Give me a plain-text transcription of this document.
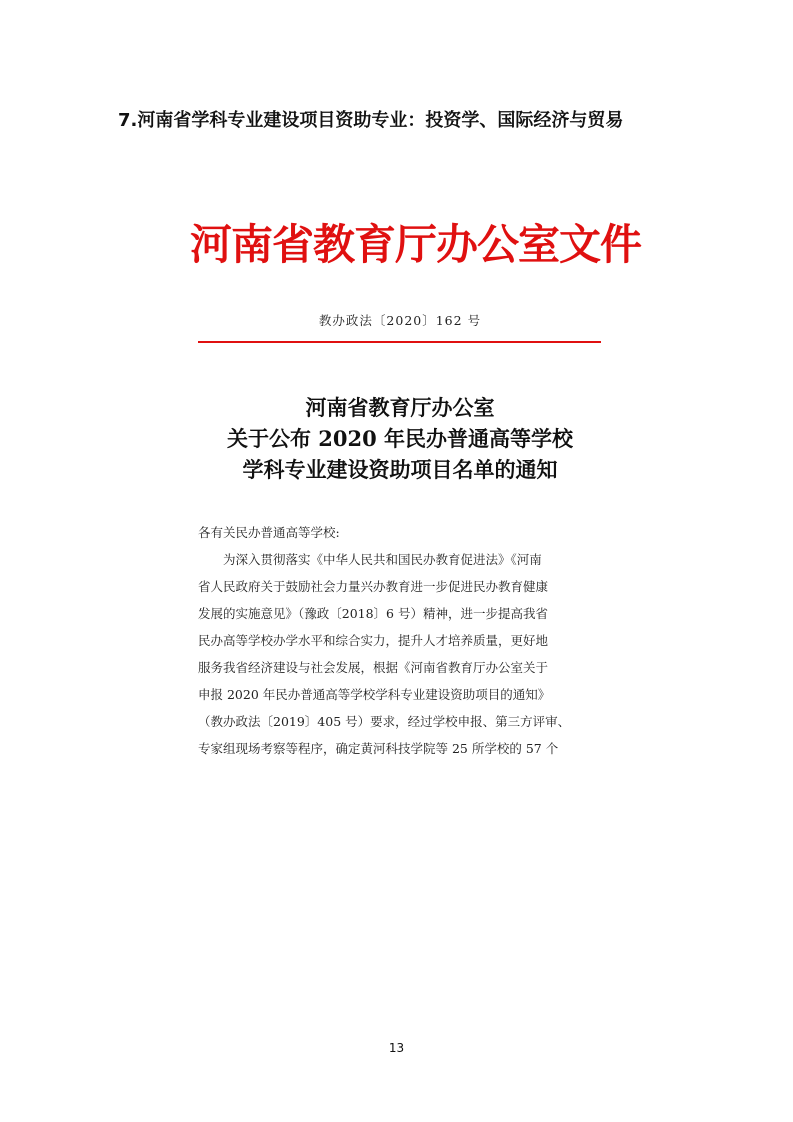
7.河南省学科专业建设项目资助专业：投资学、国际经济与贸易
河南省教育厅办公室文件
教办政法〔2020〕162 号
河南省教育厅办公室
关于公布 2020 年民办普通高等学校
学科专业建设资助项目名单的通知
各有关民办普通高等学校:
为深入贯彻落实《中华人民共和国民办教育促进法》《河南
省人民政府关于鼓励社会力量兴办教育进一步促进民办教育健康
发展的实施意见》（豫政〔2018〕6 号）精神，进一步提高我省
民办高等学校办学水平和综合实力，提升人才培养质量，更好地
服务我省经济建设与社会发展，根据《河南省教育厅办公室关于
申报 2020 年民办普通高等学校学科专业建设资助项目的通知》
（教办政法〔2019〕405 号）要求，经过学校申报、第三方评审、
专家组现场考察等程序，确定黄河科技学院等 25 所学校的 57 个
13
